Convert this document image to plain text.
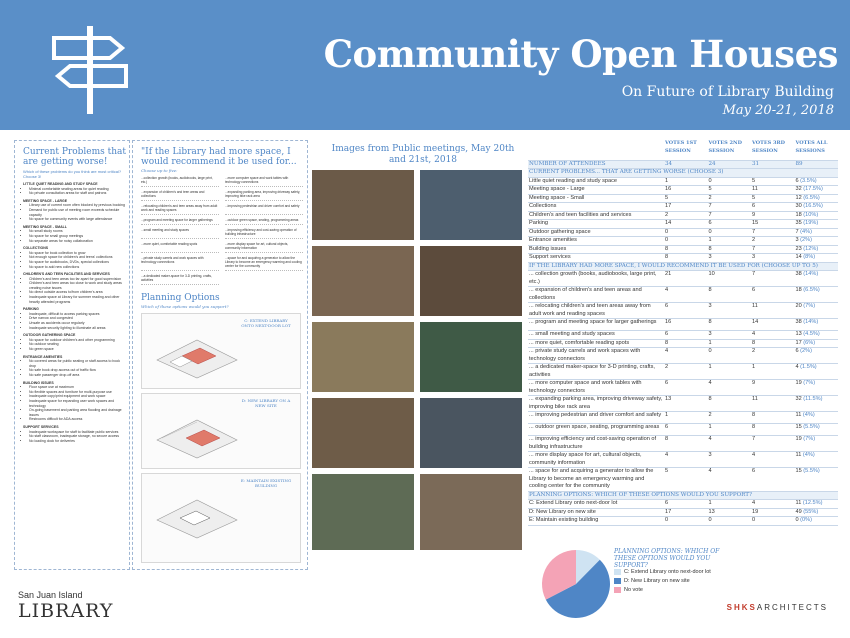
Community Open Houses
On Future of Library Building
May 20-21, 2018
Current Problems that are getting worse!
Which of these problems do you think are most critical? Choose 3!
LITTLE QUIET READING AND STUDY SPACE
• Minimal comfortable seating areas for quiet reading
• No private consultation areas for staff and patrons
MEETING SPACE - LARGE
• Library use of current room often blocked by previous booking
• Demand for public use of meeting room exceeds schedule capacity
• No space for community events with large attendance
MEETING SPACE - SMALL
• No small study rooms
• No space for small group meetings
• No separate areas for noisy collaboration
COLLECTIONS
• No space for book collection to grow
• Not enough space for children's and teens' collections
• No space for audiobooks, DVDs, special collections
• No space to add new collections
CHILDREN'S AND TEEN FACILITIES AND SERVICES
• Children's and teen areas too far apart for good supervision
• Children's and teen areas too close to work and study areas creating noise issues
• No direct outside access to/from children's area
• Inadequate space at Library for summer reading and other heavily attended programs
PARKING
• Inadequate, difficult to access parking spaces
• Drive narrow and congested
• Unsafe as accidents occur regularly
• Inadequate security lighting to illuminate all areas
OUTDOOR GATHERING SPACE
• No space for outdoor children's and other programming
• No outdoor seating
• No green space
ENTRANCE AMENITIES
• No covered areas for public seating or staff access to book drop
• No safe book drop access out of traffic flow
• No safe passenger drop-off area
BUILDING ISSUES
• Floor space use at maximum
• No flexible spaces and furniture for multi-purpose use
• Inadequate copy/print equipment and work space
• Inadequate space for expanding user work spaces and technology
• On-going basement and parking area flooding and drainage issues
• Restrooms difficult for ADA access
SUPPORT SERVICES
• Inadequate workspace for staff to facilitate public services
• No staff classroom, inadequate storage, no secure access
• No loading dock for deliveries
"If the Library had more space, I would recommend it be used for...
Choose up to five:
...collection growth (books, audiobooks, large print, etc.)
...more computer space and work tables with technology connections
...expansion of children's and teen areas and collections
...expanding parking area, improving driveway safety, improving bike rack area
...relocating children's and teen areas away from adult work and reading spaces
...improving pedestrian and driver comfort and safety
...program and meeting space for larger gatherings	...outdoor green space, seating, programming areas
...small meeting and study spaces	...improving efficiency and cost-saving operation of building infrastructure
...more quiet, comfortable reading spots	...more display space for art, cultural objects, community information
...private study carrels and work spaces with technology connections
...space for and acquiring a generator to allow the Library to become an emergency warming and cooling center for the community
...a dedicated maker-space for 3-D printing, crafts, activities
Planning Options
Which of these options would you support?
C: EXTEND LIBRARY ONTO NEXT-DOOR LOT
D: NEW LIBRARY ON A NEW SITE
E: MAINTAIN EXISTING BUILDING
Images from Public meetings, May 20th and 21st, 2018
	VOTES 1ST SESSION	VOTES 2ND SESSION	VOTES 3RD SESSION	VOTES ALL SESSIONS
NUMBER OF ATTENDEES	34	24	31	89
CURRENT PROBLEMS... THAT ARE GETTING WORSE (CHOOSE 3)				
Little quiet reading and study space	1	0	5	6 (3.5%)
Meeting space - Large	16	5	11	32 (17.5%)
Meeting space - Small	5	2	5	12 (6.5%)
Collections	17	7	6	30 (16.5%)
Children's and teen facilities and services	2	7	9	18 (10%)
Parking	14	6	15	35 (19%)
Outdoor gathering space	0	0	7	7 (4%)
Entrance amenities	0	1	2	3 (2%)
Building issues	8	8	7	23 (12%)
Support services	8	3	3	14 (8%)
IF THE LIBRARY HAD MORE SPACE, I WOULD RECOMMEND IT BE USED FOR (CHOOSE UP TO 5)				
... collection growth (books, audiobooks, large print, etc.)	21	10	7	38 (14%)
... expansion of children's and teen areas and collections	4	8	6	18 (6.5%)
... relocating children's and teen areas away from adult work and reading spaces	6	3	11	20 (7%)
... program and meeting space for larger gatherings	16	8	14	38 (14%)
... small meeting and study spaces	6	3	4	13 (4.5%)
... more quiet, comfortable reading spots	8	1	8	17 (6%)
... private study carrels and work spaces with technology connectors	4	0	2	6 (2%)
... a dedicated maker-space for 3-D printing, crafts, activities	2	1	1	4 (1.5%)
... more computer space and work tables with technology connectors	6	4	9	19 (7%)
... expanding parking area, improving driveway safety, improving bike rack area	13	8	11	32 (11.5%)
... improving pedestrian and driver comfort and safety	1	2	8	11 (4%)
... outdoor green space, seating, programming areas	6	1	8	15 (5.5%)
... improving efficiency and cost-saving operation of building infrastructure	8	4	7	19 (7%)
... more display space for art, cultural objects, community information	4	3	4	11 (4%)
... space for and acquiring a generator to allow the Library to become an emergency warming and cooling center for the community	5	4	6	15 (5.5%)
PLANNING OPTIONS: WHICH OF THESE OPTIONS WOULD YOU SUPPORT?				
C: Extend Library onto next-door lot	6	1	4	11 (12.5%)
D: New Library on new site	17	13	19	49 (55%)
E: Maintain existing building	0	0	0	0 (0%)
PLANNING OPTIONS: WHICH OF THESE OPTIONS WOULD YOU SUPPORT?
C: Extend Library onto next-door lot
D: New Library on new site
No vote
San Juan Island
LIBRARY	SHKSARCHITECTS
